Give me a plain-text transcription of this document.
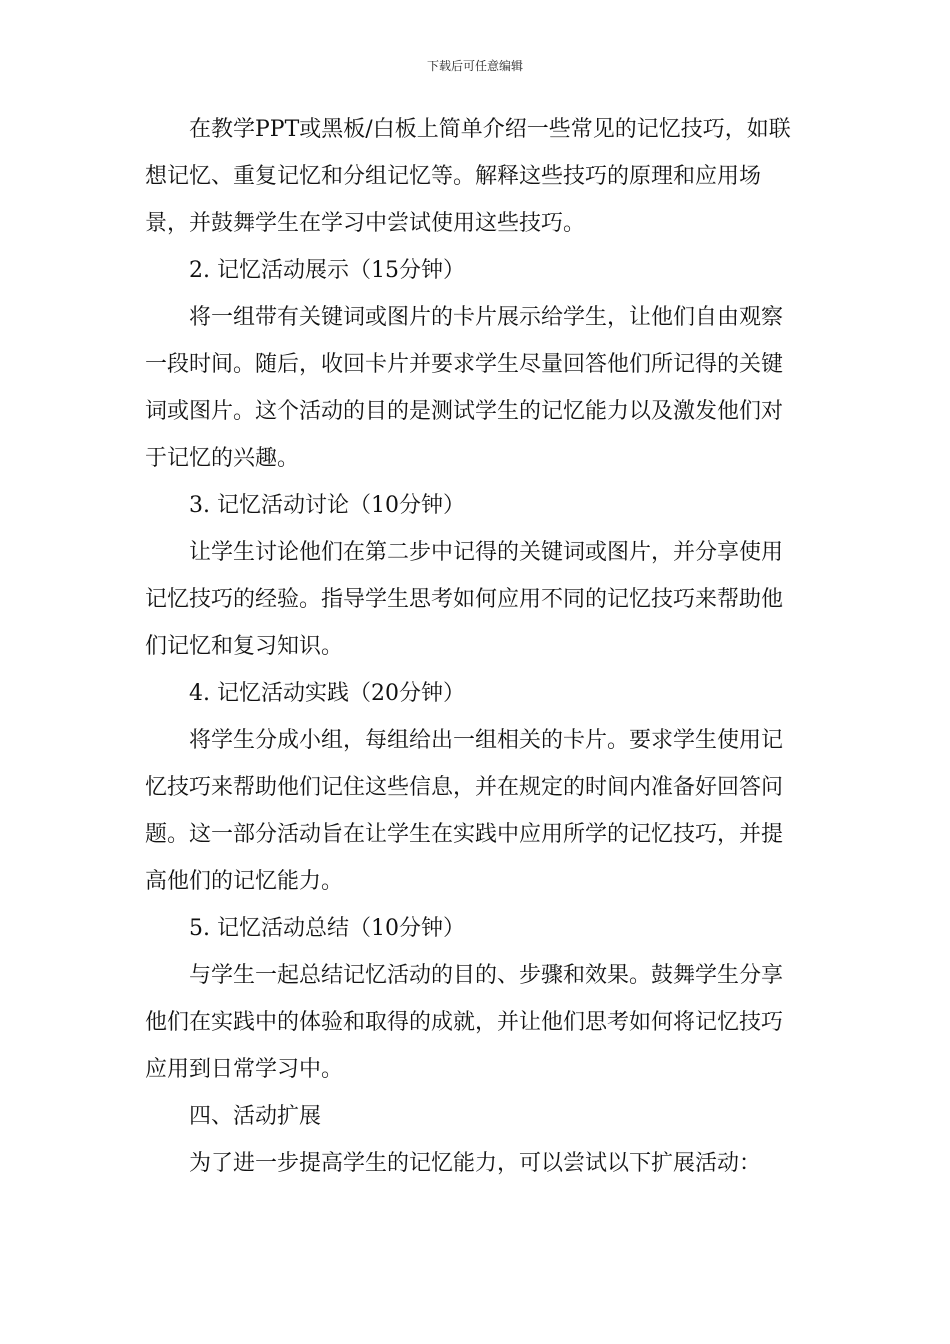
下载后可任意编辑

在教学PPT或黑板/白板上简单介绍一些常见的记忆技巧，如联想记忆、重复记忆和分组记忆等。解释这些技巧的原理和应用场景，并鼓舞学生在学习中尝试使用这些技巧。

2. 记忆活动展示（15分钟）

将一组带有关键词或图片的卡片展示给学生，让他们自由观察一段时间。随后，收回卡片并要求学生尽量回答他们所记得的关键词或图片。这个活动的目的是测试学生的记忆能力以及激发他们对于记忆的兴趣。

3. 记忆活动讨论（10分钟）

让学生讨论他们在第二步中记得的关键词或图片，并分享使用记忆技巧的经验。指导学生思考如何应用不同的记忆技巧来帮助他们记忆和复习知识。

4. 记忆活动实践（20分钟）

将学生分成小组，每组给出一组相关的卡片。要求学生使用记忆技巧来帮助他们记住这些信息，并在规定的时间内准备好回答问题。这一部分活动旨在让学生在实践中应用所学的记忆技巧，并提高他们的记忆能力。

5. 记忆活动总结（10分钟）

与学生一起总结记忆活动的目的、步骤和效果。鼓舞学生分享他们在实践中的体验和取得的成就，并让他们思考如何将记忆技巧应用到日常学习中。

四、活动扩展

为了进一步提高学生的记忆能力，可以尝试以下扩展活动：
